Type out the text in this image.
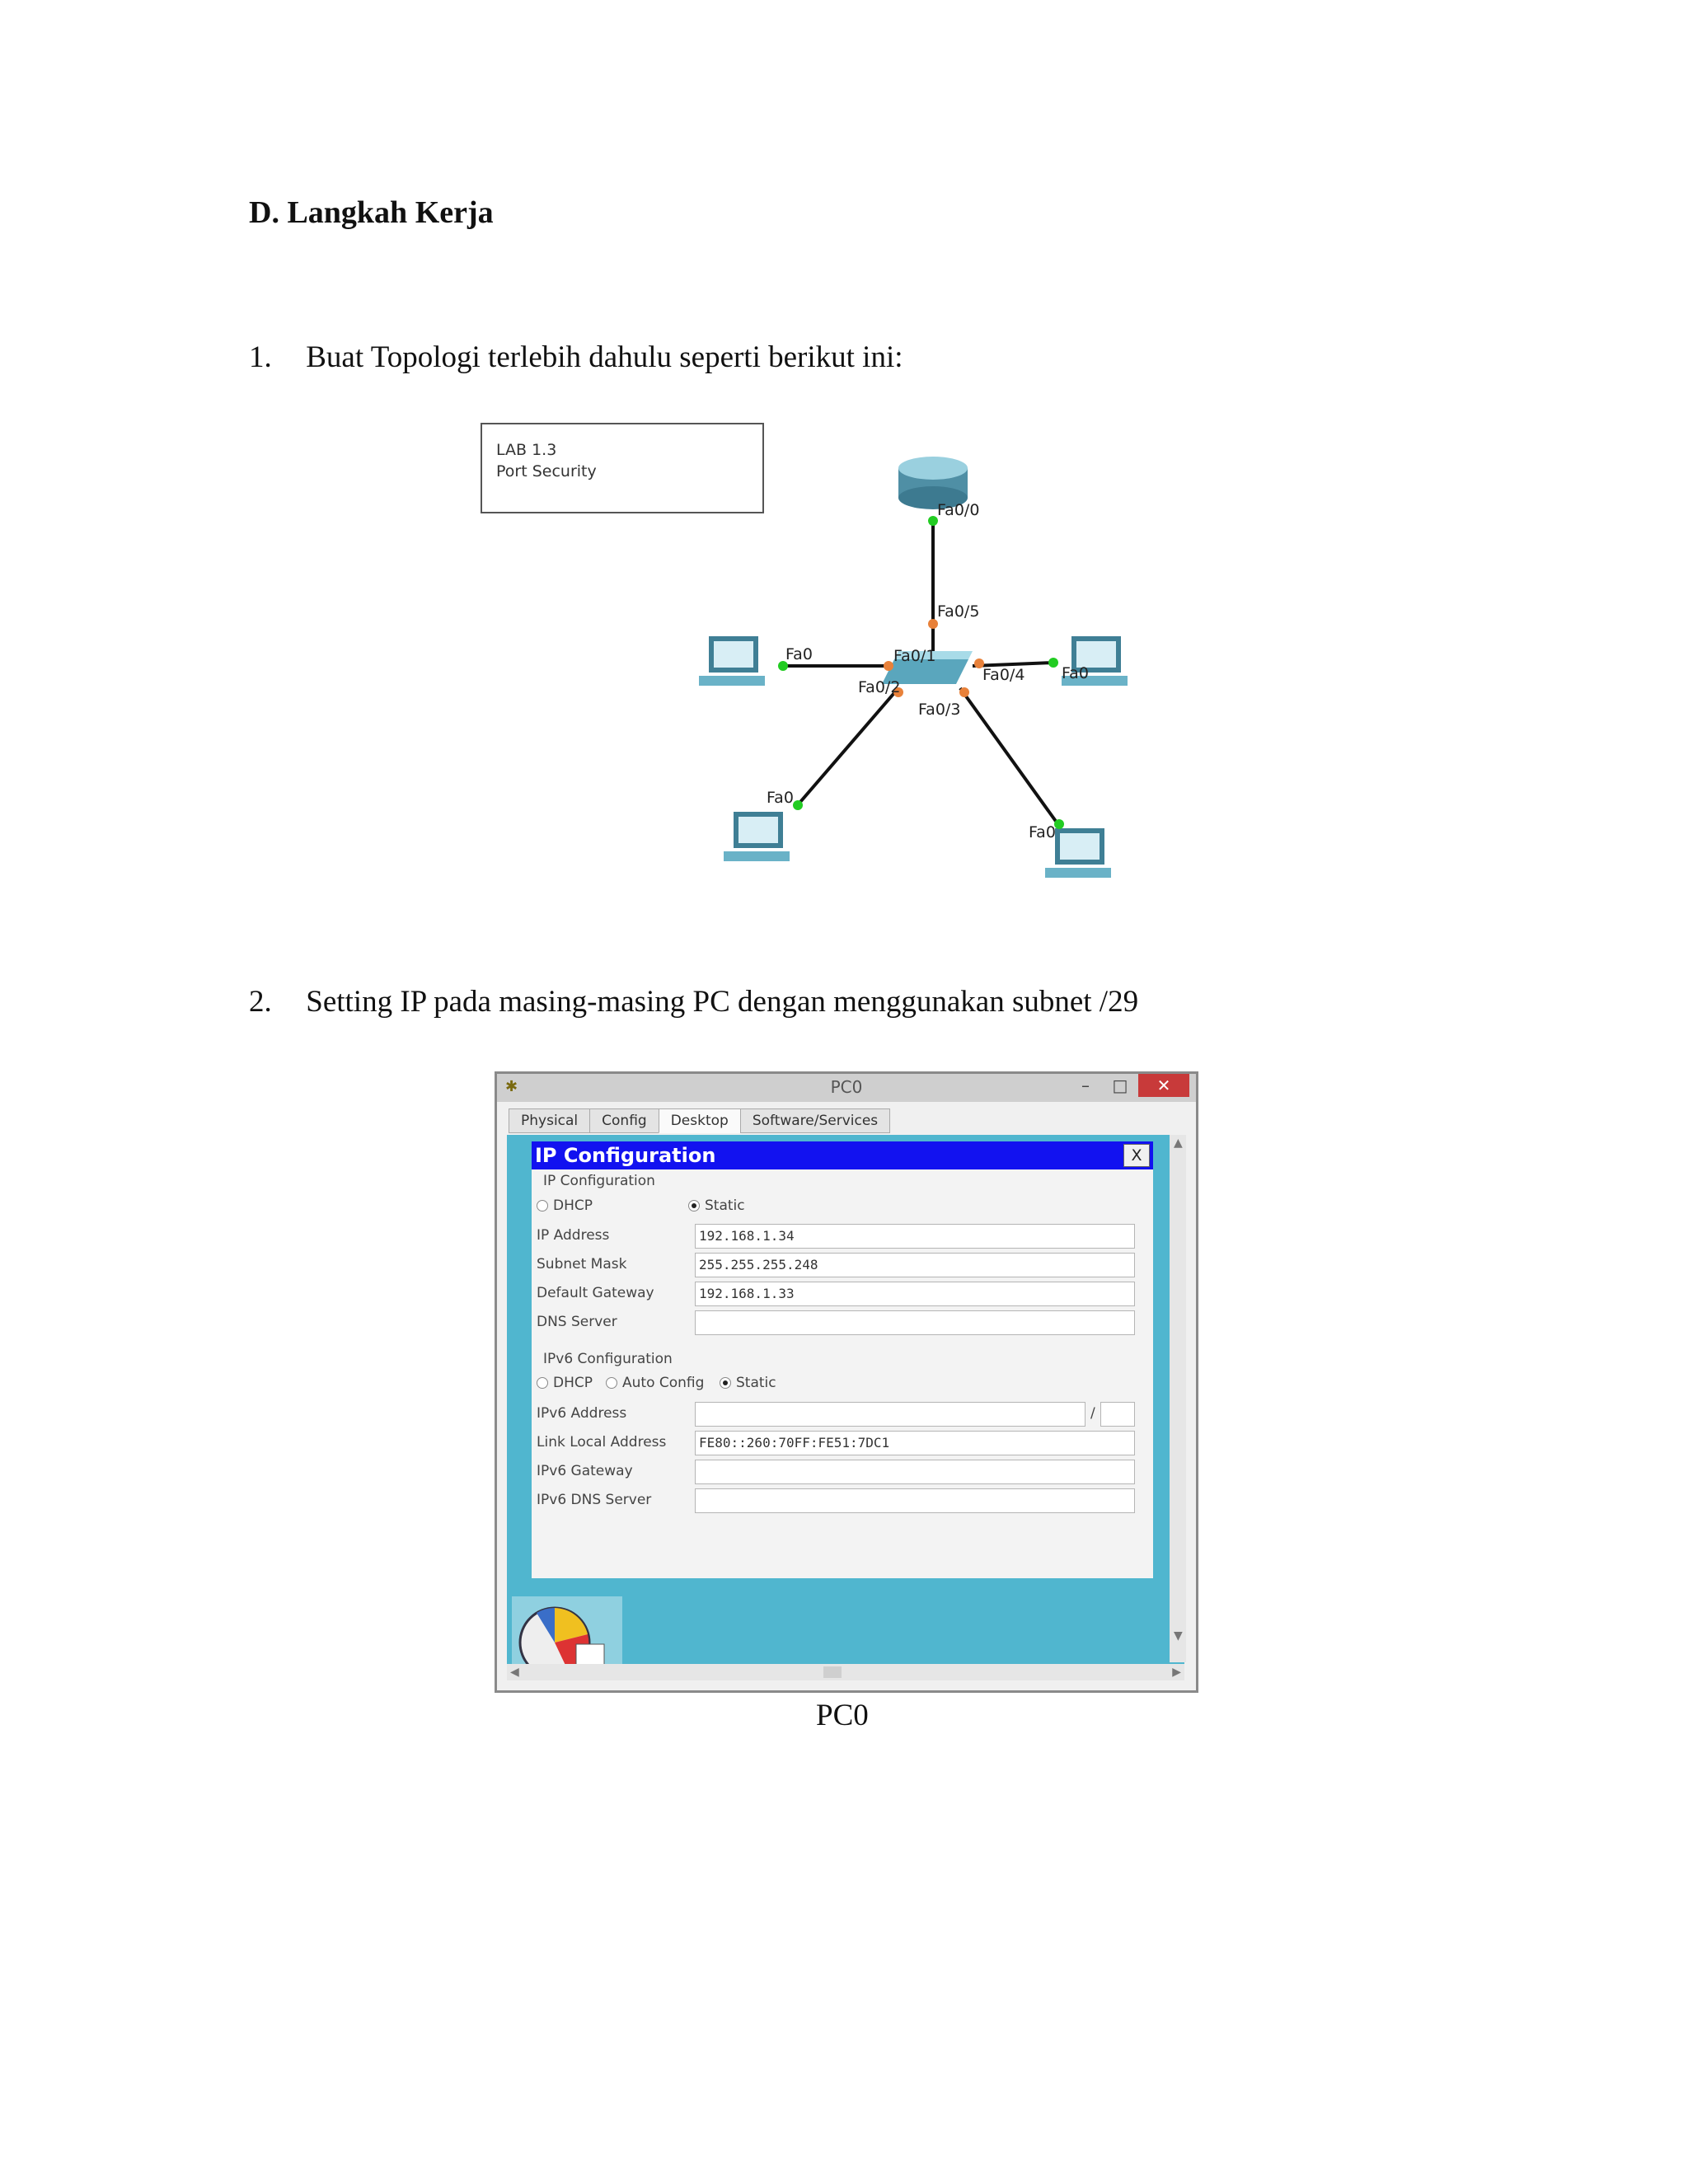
D. Langkah Kerja
1. Buat Topologi terlebih dahulu seperti berikut ini:
LAB 1.3
Port Security
Fa0/0
Fa0/5
Fa0/1
Fa0/2
Fa0/3
Fa0/4
Fa0
Fa0
Fa0
Fa0
2. Setting IP pada masing-masing PC dengan menggunakan subnet /29
✱	PC0	–	□	✕
Physical Config Desktop Software/Services
IP Configuration	X
IP Configuration
DHCP	Static
IP Address	192.168.1.34
Subnet Mask	255.255.255.248
Default Gateway	192.168.1.33
DNS Server
IPv6 Configuration
DHCP Auto Config Static
IPv6 Address	/
Link Local Address	FE80::260:70FF:FE51:7DC1
IPv6 Gateway
IPv6 DNS Server
▲
▼
◀	▶
PC0
